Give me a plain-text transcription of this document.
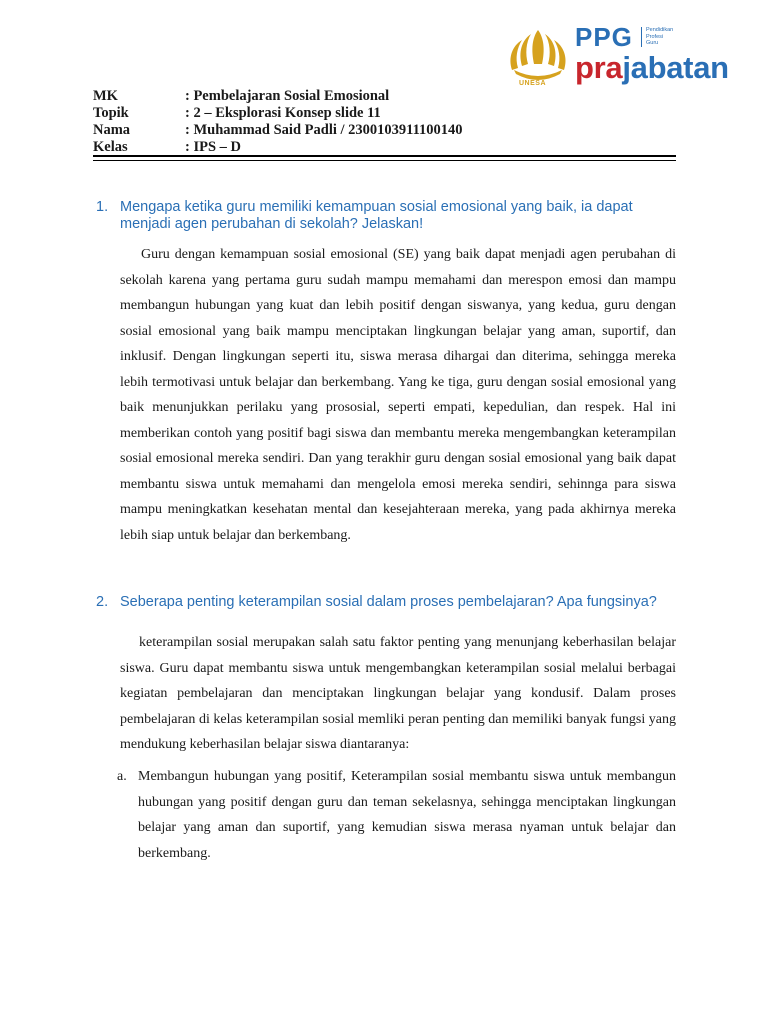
UNESA
PPG	Pendidikan
Profesi
Guru
prajabatan
MK	: Pembelajaran Sosial Emosional
Topik	: 2 – Eksplorasi Konsep slide 11
Nama	: Muhammad Said Padli / 2300103911100140
Kelas	: IPS – D
1. Mengapa ketika guru memiliki kemampuan sosial emosional yang baik, ia dapat menjadi agen perubahan di sekolah? Jelaskan!
Guru dengan kemampuan sosial emosional (SE) yang baik dapat menjadi agen perubahan di sekolah karena yang pertama guru sudah mampu memahami dan merespon emosi dan mampu membangun hubungan yang kuat dan lebih positif dengan siswanya, yang kedua, guru dengan sosial emosional yang baik mampu menciptakan lingkungan belajar yang aman, suportif, dan inklusif. Dengan lingkungan seperti itu, siswa merasa dihargai dan diterima, sehingga mereka lebih termotivasi untuk belajar dan berkembang. Yang ke tiga, guru dengan sosial emosional yang baik menunjukkan perilaku yang prososial, seperti empati, kepedulian, dan respek. Hal ini memberikan contoh yang positif bagi siswa dan membantu mereka mengembangkan keterampilan sosial emosional mereka sendiri. Dan yang terakhir guru dengan sosial emosional yang baik dapat membantu siswa untuk memahami dan mengelola emosi mereka sendiri, sehinnga para siswa mampu meningkatkan kesehatan mental dan kesejahteraan mereka, yang pada akhirnya mereka lebih siap untuk belajar dan berkembang.
2. Seberapa penting keterampilan sosial dalam proses pembelajaran? Apa fungsinya?
keterampilan sosial merupakan salah satu faktor penting yang menunjang keberhasilan belajar siswa. Guru dapat membantu siswa untuk mengembangkan keterampilan sosial melalui berbagai kegiatan pembelajaran dan menciptakan lingkungan belajar yang kondusif. Dalam proses pembelajaran di kelas keterampilan sosial memliki peran penting dan memiliki banyak fungsi yang mendukung keberhasilan belajar siswa diantaranya:
a. Membangun hubungan yang positif, Keterampilan sosial membantu siswa untuk membangun hubungan yang positif dengan guru dan teman sekelasnya, sehingga menciptakan lingkungan belajar yang aman dan suportif, yang kemudian siswa merasa nyaman untuk belajar dan berkembang.
